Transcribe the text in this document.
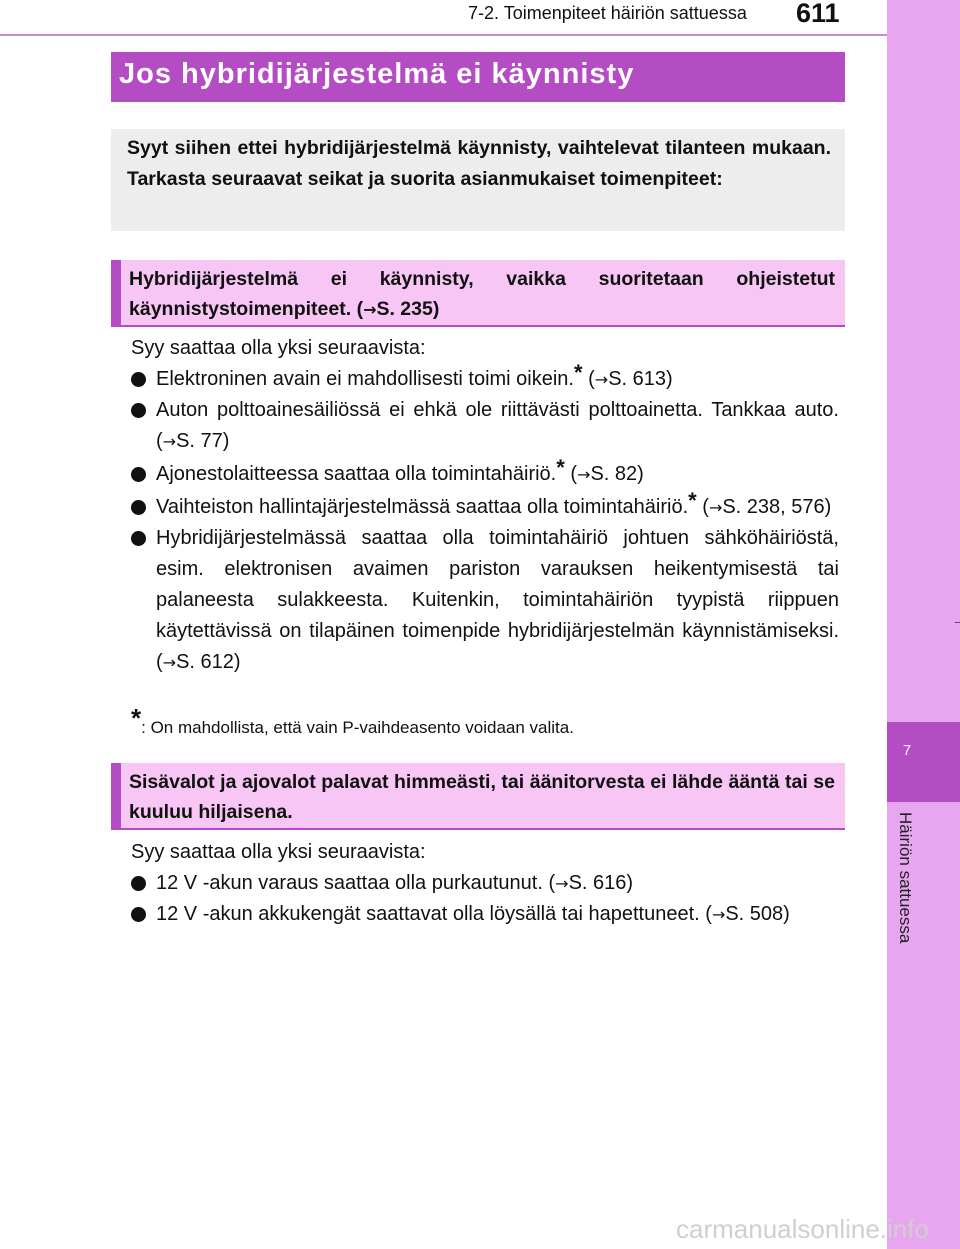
7
Häiriön sattuessa
7-2. Toimenpiteet häiriön sattuessa 611
Jos hybridijärjestelmä ei käynnisty
Syyt siihen ettei hybridijärjestelmä käynnisty, vaihtelevat tilanteen mukaan. Tarkasta seuraavat seikat ja suorita asianmukaiset toimenpiteet:
Hybridijärjestelmä ei käynnisty, vaikka suoritetaan ohjeistetut käynnistystoimenpiteet. (→S. 235)
Syy saattaa olla yksi seuraavista:
Elektroninen avain ei mahdollisesti toimi oikein.* (→S. 613)
Auton polttoainesäiliössä ei ehkä ole riittävästi polttoainetta. Tankkaa auto. (→S. 77)
Ajonestolaitteessa saattaa olla toimintahäiriö.* (→S. 82)
Vaihteiston hallintajärjestelmässä saattaa olla toimintahäiriö.* (→S. 238, 576)
Hybridijärjestelmässä saattaa olla toimintahäiriö johtuen sähköhäiriöstä, esim. elektronisen avaimen pariston varauksen heikentymisestä tai palaneesta sulakkeesta. Kuitenkin, toimintahäiriön tyypistä riippuen käytettävissä on tilapäinen toimenpide hybridijärjestelmän käynnistämiseksi. (→S. 612)
*: On mahdollista, että vain P-vaihdeasento voidaan valita.
Sisävalot ja ajovalot palavat himmeästi, tai äänitorvesta ei lähde ääntä tai se kuuluu hiljaisena.
Syy saattaa olla yksi seuraavista:
12 V -akun varaus saattaa olla purkautunut. (→S. 616)
12 V -akun akkukengät saattavat olla löysällä tai hapettuneet. (→S. 508)
carmanualsonline.info
